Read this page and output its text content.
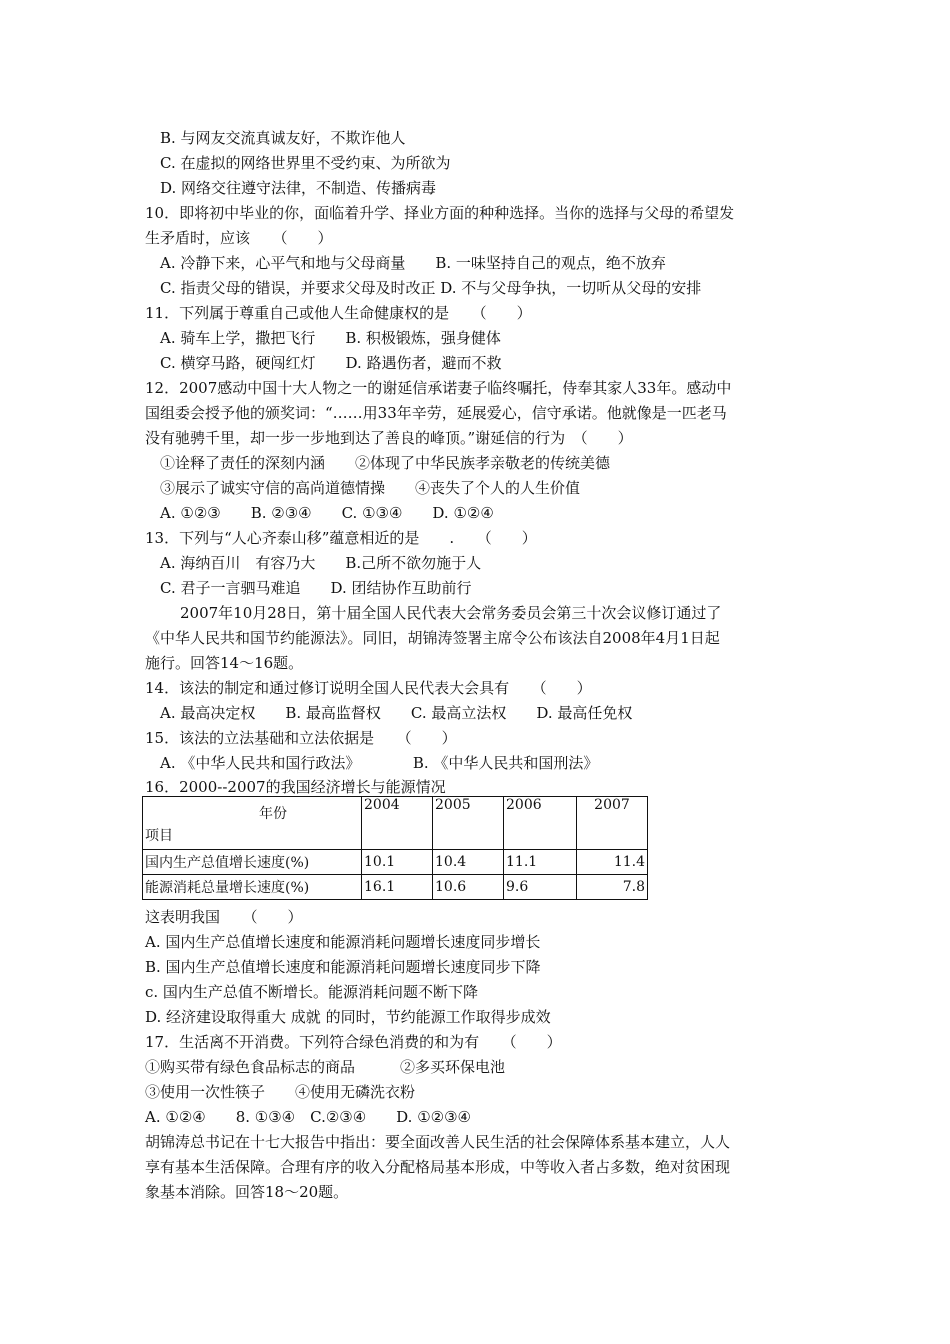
B. 与网友交流真诚友好，不欺诈他人
C. 在虚拟的网络世界里不受约束、为所欲为
D. 网络交往遵守法律，不制造、传播病毒
10．即将初中毕业的你，面临着升学、择业方面的种种选择。当你的选择与父母的希望发
生矛盾时，应该　　（　　）
A. 冷静下来，心平气和地与父母商量　　B. 一味坚持自己的观点，绝不放弃
C. 指责父母的错误，并要求父母及时改正 D. 不与父母争执，一切听从父母的安排
11．下列属于尊重自己或他人生命健康权的是　　（　　）
A. 骑车上学，撒把飞行　　B. 积极锻炼，强身健体
C. 横穿马路，硬闯红灯　　D. 路遇伤者，避而不救
12．2007感动中国十大人物之一的谢延信承诺妻子临终嘱托，侍奉其家人33年。感动中
国组委会授予他的颁奖词：“……用33年辛劳，延展爱心，信守承诺。他就像是一匹老马
没有驰骋千里，却一步一步地到达了善良的峰顶。”谢延信的行为　（　　）
①诠释了责任的深刻内涵　　②体现了中华民族孝亲敬老的传统美德
③展示了诚实守信的高尚道德情操　　④丧失了个人的人生价值
A. ①②③　　B. ②③④　　C. ①③④　　D. ①②④
13．下列与“人心齐泰山移”蕴意相近的是　　.　　（　　）
A. 海纳百川　有容乃大　　B.己所不欲勿施于人
C. 君子一言驷马难追　　D. 团结协作互助前行
2007年10月28日，第十届全国人民代表大会常务委员会第三十次会议修订通过了
《中华人民共和国节约能源法》。同旧，胡锦涛签署主席令公布该法自2008年4月1日起
施行。回答14～16题。
14．该法的制定和通过修订说明全国人民代表大会具有　　（　　）
A. 最高决定权　　B. 最高监督权　　C. 最高立法权　　D. 最高任免权
15．该法的立法基础和立法依据是　　（　　）
A. 《中华人民共和国行政法》　　　　B. 《中华人民共和国刑法》
16．2000--2007的我国经济增长与能源情况
年份
项目	2004	2005	2006	2007
国内生产总值增长速度(%)	10.1	10.4	11.1	11.4
能源消耗总量增长速度(%)	16.1	10.6	9.6	7.8
这表明我国　　（　　）
A. 国内生产总值增长速度和能源消耗问题增长速度同步增长
B. 国内生产总值增长速度和能源消耗问题增长速度同步下降
c. 国内生产总值不断增长。能源消耗问题不断下降
D. 经济建设取得重大 成就 的同时，节约能源工作取得步成效
17．生活离不开消费。下列符合绿色消费的和为有　　（　　）
①购买带有绿色食品标志的商品　　　②多买环保电池
③使用一次性筷子　　④使用无磷洗衣粉
A. ①②④　　8. ①③④　C.②③④　　D. ①②③④
胡锦涛总书记在十七大报告中指出：要全面改善人民生活的社会保障体系基本建立，人人
享有基本生活保障。合理有序的收入分配格局基本形成，中等收入者占多数，绝对贫困现
象基本消除。回答18～20题。
